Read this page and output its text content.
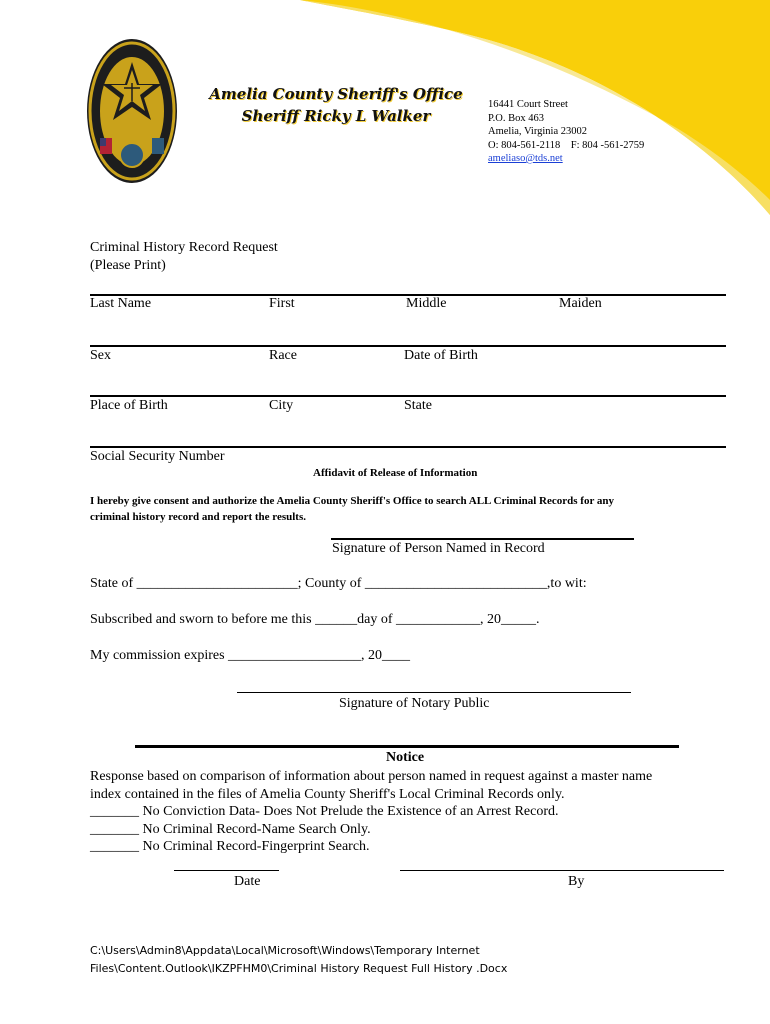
Amelia County Sheriff's Office
Sheriff Ricky L Walker
16441 Court Street
P.O. Box 463
Amelia, Virginia 23002
O: 804-561-2118    F: 804 -561-2759
ameliaso@tds.net
Criminal History Record Request
(Please Print)
Last Name	First	Middle	Maiden
Sex	Race	Date of Birth
Place of Birth	City	State
Social Security Number
Affidavit of Release of Information
I hereby give consent and authorize the Amelia County Sheriff's Office to search ALL Criminal Records for any
criminal history record and report the results.
Signature of Person Named in Record
State of _______________________; County of __________________________,to wit:
Subscribed and sworn to before me this ______day of ____________, 20_____.
My commission expires ___________________, 20____
Signature of Notary Public
Notice
Response based on comparison of information about person named in request against a master name
index contained in the files of Amelia County Sheriff's Local Criminal Records only.
_______ No Conviction Data- Does Not Prelude the Existence of an Arrest Record.
_______ No Criminal Record-Name Search Only.
_______ No Criminal Record-Fingerprint Search.
Date	By
C:\Users\Admin8\Appdata\Local\Microsoft\Windows\Temporary Internet
Files\Content.Outlook\IKZPFHM0\Criminal History Request Full History .Docx
